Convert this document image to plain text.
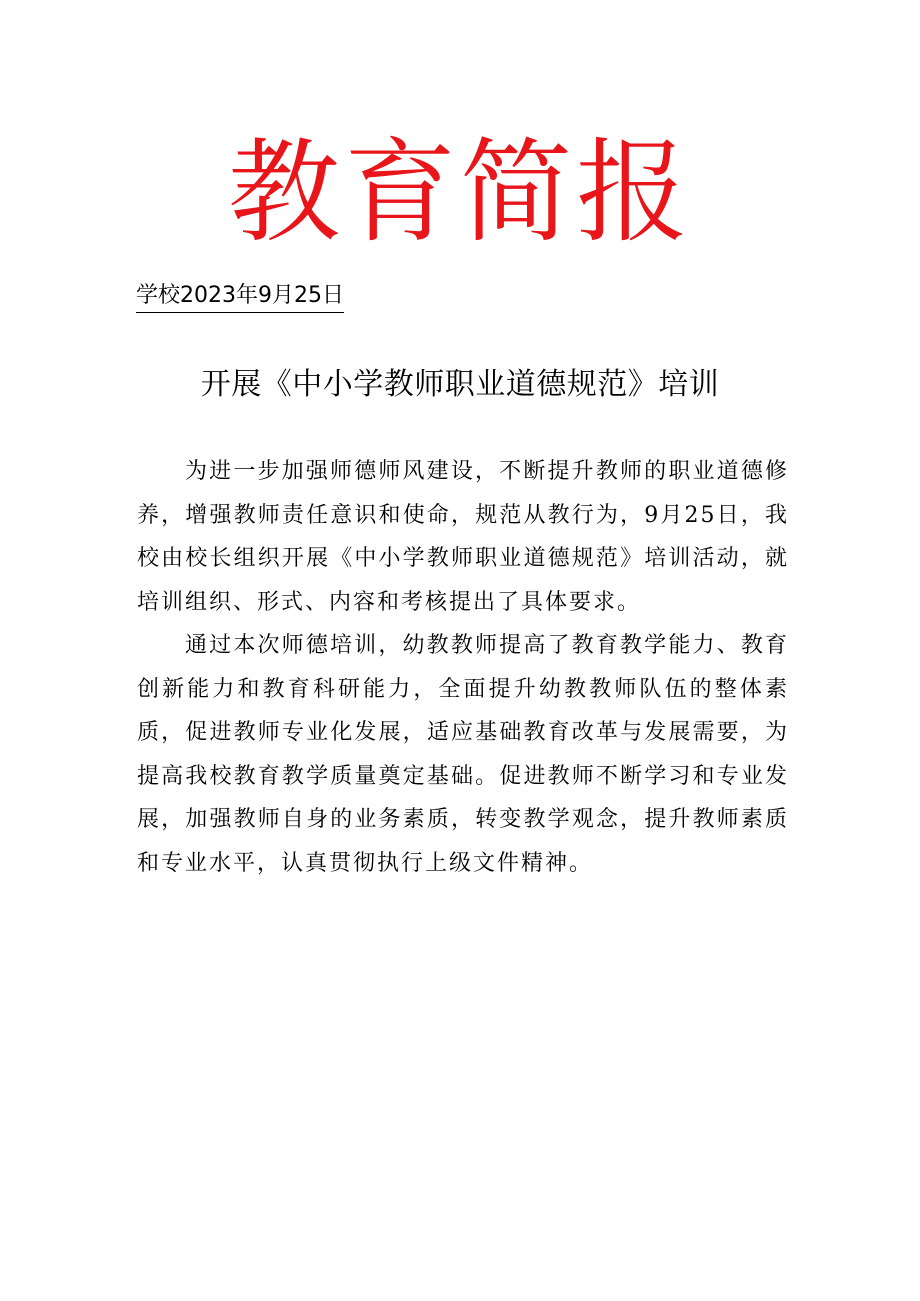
教育简报
学校2023年9月25日
开展《中小学教师职业道德规范》培训

为进一步加强师德师风建设，不断提升教师的职业道德修养，增强教师责任意识和使命，规范从教行为，9月25日，我校由校长组织开展《中小学教师职业道德规范》培训活动，就培训组织、形式、内容和考核提出了具体要求。

通过本次师德培训，幼教教师提高了教育教学能力、教育创新能力和教育科研能力，全面提升幼教教师队伍的整体素质，促进教师专业化发展，适应基础教育改革与发展需要，为提高我校教育教学质量奠定基础。促进教师不断学习和专业发展，加强教师自身的业务素质，转变教学观念，提升教师素质和专业水平，认真贯彻执行上级文件精神。
